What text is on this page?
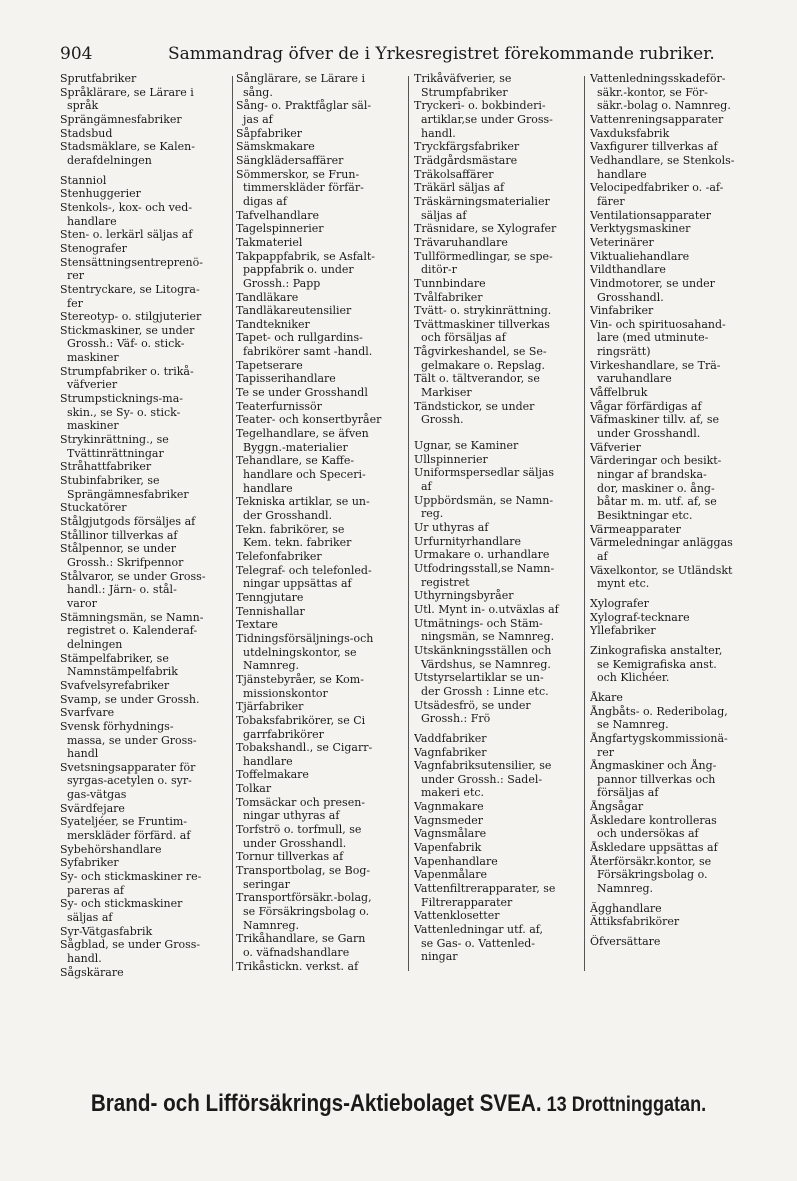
904	Sammandrag öfver de i Yrkesregistret förekommande rubriker.
Sprutfabriker
Språklärare, se Lärare i
språk
Sprängämnesfabriker
Stadsbud
Stadsmäklare, se Kalen-
derafdelningen
Stanniol
Stenhuggerier
Stenkols-, kox- och ved-
handlare
Sten- o. lerkärl säljas af
Stenografer
Stensättningsentreprenö-
rer
Stentryckare, se Litogra-
fer
Stereotyp- o. stilgjuterier
Stickmaskiner, se under
Grossh.: Väf- o. stick-
maskiner
Strumpfabriker o. trikå-
väfverier
Strumpsticknings-ma-
skin., se Sy- o. stick-
maskiner
Strykinrättning., se
Tvättinrättningar
Stråhattfabriker
Stubinfabriker, se
Sprängämnesfabriker
Stuckatörer
Stålgjutgods försäljes af
Stållinor tillverkas af
Stålpennor, se under
Grossh.: Skrifpennor
Stålvaror, se under Gross-
handl.: Järn- o. stål-
varor
Stämningsmän, se Namn-
registret o. Kalenderaf-
delningen
Stämpelfabriker, se
Namnstämpelfabrik
Svafvelsyrefabriker
Svamp, se under Grossh.
Svarfvare
Svensk förhydnings-
massa, se under Gross-
handl
Svetsningsapparater för
syrgas-acetylen o. syr-
gas-vätgas
Svärdfejare
Syateljéer, se Fruntim-
merskläder förfärd. af
Sybehörshandlare
Syfabriker
Sy- och stickmaskiner re-
pareras af
Sy- och stickmaskiner
säljas af
Syr-Vätgasfabrik
Sågblad, se under Gross-
handl.
Sågskärare
Sånglärare, se Lärare i
sång.
Sång- o. Praktfåglar säl-
jas af
Såpfabriker
Sämskmakare
Sängklädersaffärer
Sömmerskor, se Frun-
timmerskläder förfär-
digas af
Tafvelhandlare
Tagelspinnerier
Takmateriel
Takpappfabrik, se Asfalt-
pappfabrik o. under
Grossh.: Papp
Tandläkare
Tandläkareutensilier
Tandtekniker
Tapet- och rullgardins-
fabrikörer samt -handl.
Tapetserare
Tapisserihandlare
Te se under Grosshandl
Teaterfurnissör
Teater- och konsertbyråer
Tegelhandlare, se äfven
Byggn.-materialier
Tehandlare, se Kaffe-
handlare och Speceri-
handlare
Tekniska artiklar, se un-
der Grosshandl.
Tekn. fabrikörer, se
Kem. tekn. fabriker
Telefonfabriker
Telegraf- och telefonled-
ningar uppsättas af
Tenngjutare
Tennishallar
Textare
Tidningsförsäljnings-och
utdelningskontor, se
Namnreg.
Tjänstebyråer, se Kom-
missionskontor
Tjärfabriker
Tobaksfabrikörer, se Ci
garrfabrikörer
Tobakshandl., se Cigarr-
handlare
Toffelmakare
Tolkar
Tomsäckar och presen-
ningar uthyras af
Torfströ o. torfmull, se
under Grosshandl.
Tornur tillverkas af
Transportbolag, se Bog-
seringar
Transportförsäkr.-bolag,
se Försäkringsbolag o.
Namnreg.
Trikåhandlare, se Garn
o. väfnadshandlare
Trikåstickn. verkst. af
Trikåväfverier, se
Strumpfabriker
Tryckeri- o. bokbinderi-
artiklar,se under Gross-
handl.
Tryckfärgsfabriker
Trädgårdsmästare
Träkolsaffärer
Träkärl säljas af
Träskärningsmaterialier
säljas af
Träsnidare, se Xylografer
Trävaruhandlare
Tullförmedlingar, se spe-
ditör-r
Tunnbindare
Tvålfabriker
Tvätt- o. strykinrättning.
Tvättmaskiner tillverkas
och försäljas af
Tågvirkeshandel, se Se-
gelmakare o. Repslag.
Tält o. tältverandor, se
Markiser
Tändstickor, se under
Grossh.
Ugnar, se Kaminer
Ullspinnerier
Uniformspersedlar säljas
af
Uppbördsmän, se Namn-
reg.
Ur uthyras af
Urfurnityrhandlare
Urmakare o. urhandlare
Utfodringsstall,se Namn-
registret
Uthyrningsbyråer
Utl. Mynt in- o.utväxlas af
Utmätnings- och Stäm-
ningsmän, se Namnreg.
Utskänkningsställen och
Värdshus, se Namnreg.
Utstyrselartiklar se un-
der Grossh : Linne etc.
Utsädesfrö, se under
Grossh.: Frö
Vaddfabriker
Vagnfabriker
Vagnfabriksutensilier, se
under Grossh.: Sadel-
makeri etc.
Vagnmakare
Vagnsmeder
Vagnsmålare
Vapenfabrik
Vapenhandlare
Vapenmålare
Vattenfiltrerapparater, se
Filtrerapparater
Vattenklosetter
Vattenledningar utf. af,
se Gas- o. Vattenled-
ningar
Vattenledningsskadeför-
säkr.-kontor, se För-
säkr.-bolag o. Namnreg.
Vattenreningsapparater
Vaxduksfabrik
Vaxfigurer tillverkas af
Vedhandlare, se Stenkols-
handlare
Velocipedfabriker o. -af-
färer
Ventilationsapparater
Verktygsmaskiner
Veterinärer
Viktualiehandlare
Vildthandlare
Vindmotorer, se under
Grosshandl.
Vinfabriker
Vin- och spirituosahand-
lare (med utminute-
ringsrätt)
Virkeshandlare, se Trä-
varuhandlare
Våffelbruk
Vågar förfärdigas af
Väfmaskiner tillv. af, se
under Grosshandl.
Väfverier
Värderingar och besikt-
ningar af brandska-
dor, maskiner o. ång-
båtar m. m. utf. af, se
Besiktningar etc.
Värmeapparater
Värmeledningar anläggas
af
Växelkontor, se Utländskt
mynt etc.
Xylografer
Xylograf-tecknare
Yllefabriker
Zinkografiska anstalter,
se Kemigrafiska anst.
och Klichéer.
Åkare
Ångbåts- o. Rederibolag,
se Namnreg.
Ångfartygskommissionä-
rer
Ångmaskiner och Ång-
pannor tillverkas och
försäljas af
Ångsågar
Åskledare kontrolleras
och undersökas af
Åskledare uppsättas af
Återförsäkr.kontor, se
Försäkringsbolag o.
Namnreg.
Ägghandlare
Ättiksfabrikörer
Öfversättare
Brand- och Lifförsäkrings-Aktiebolaget SVEA. 13 Drottninggatan.
